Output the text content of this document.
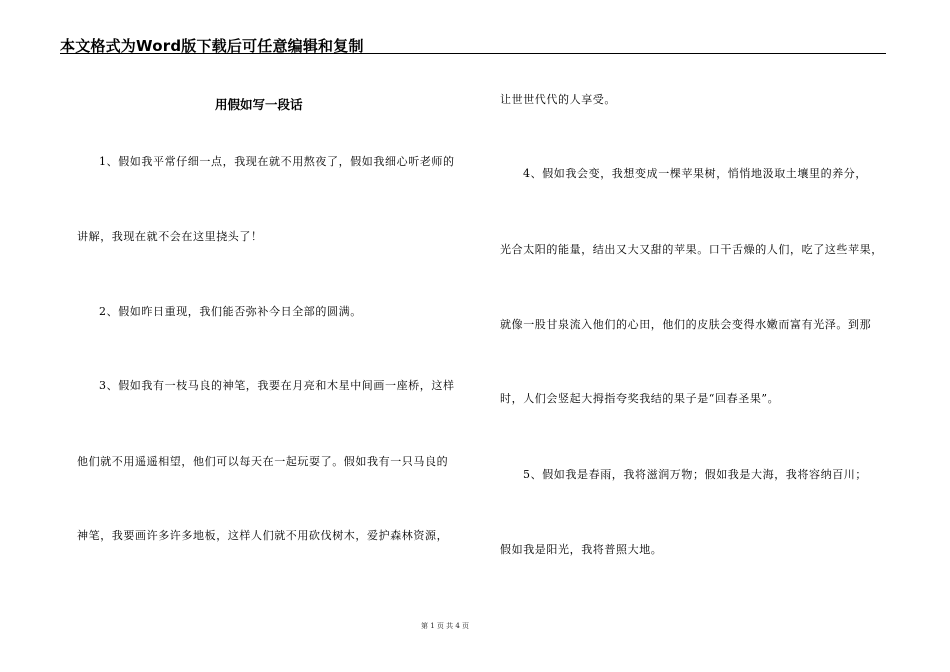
本文格式为Word版下载后可任意编辑和复制
用假如写一段话
1、假如我平常仔细一点，我现在就不用熬夜了，假如我细心听老师的
讲解，我现在就不会在这里挠头了！
2、假如昨日重现，我们能否弥补今日全部的圆满。
3、假如我有一枝马良的神笔，我要在月亮和木星中间画一座桥，这样
他们就不用遥遥相望，他们可以每天在一起玩耍了。假如我有一只马良的
神笔，我要画许多许多地板，这样人们就不用砍伐树木，爱护森林资源，
让世世代代的人享受。
4、假如我会变，我想变成一棵苹果树，悄悄地汲取土壤里的养分，
光合太阳的能量，结出又大又甜的苹果。口干舌燥的人们，吃了这些苹果，
就像一股甘泉流入他们的心田，他们的皮肤会变得水嫩而富有光泽。到那
时，人们会竖起大拇指夸奖我结的果子是“回春圣果”。
5、假如我是春雨，我将滋润万物；假如我是大海，我将容纳百川；
假如我是阳光，我将普照大地。
第 1 页 共 4 页
